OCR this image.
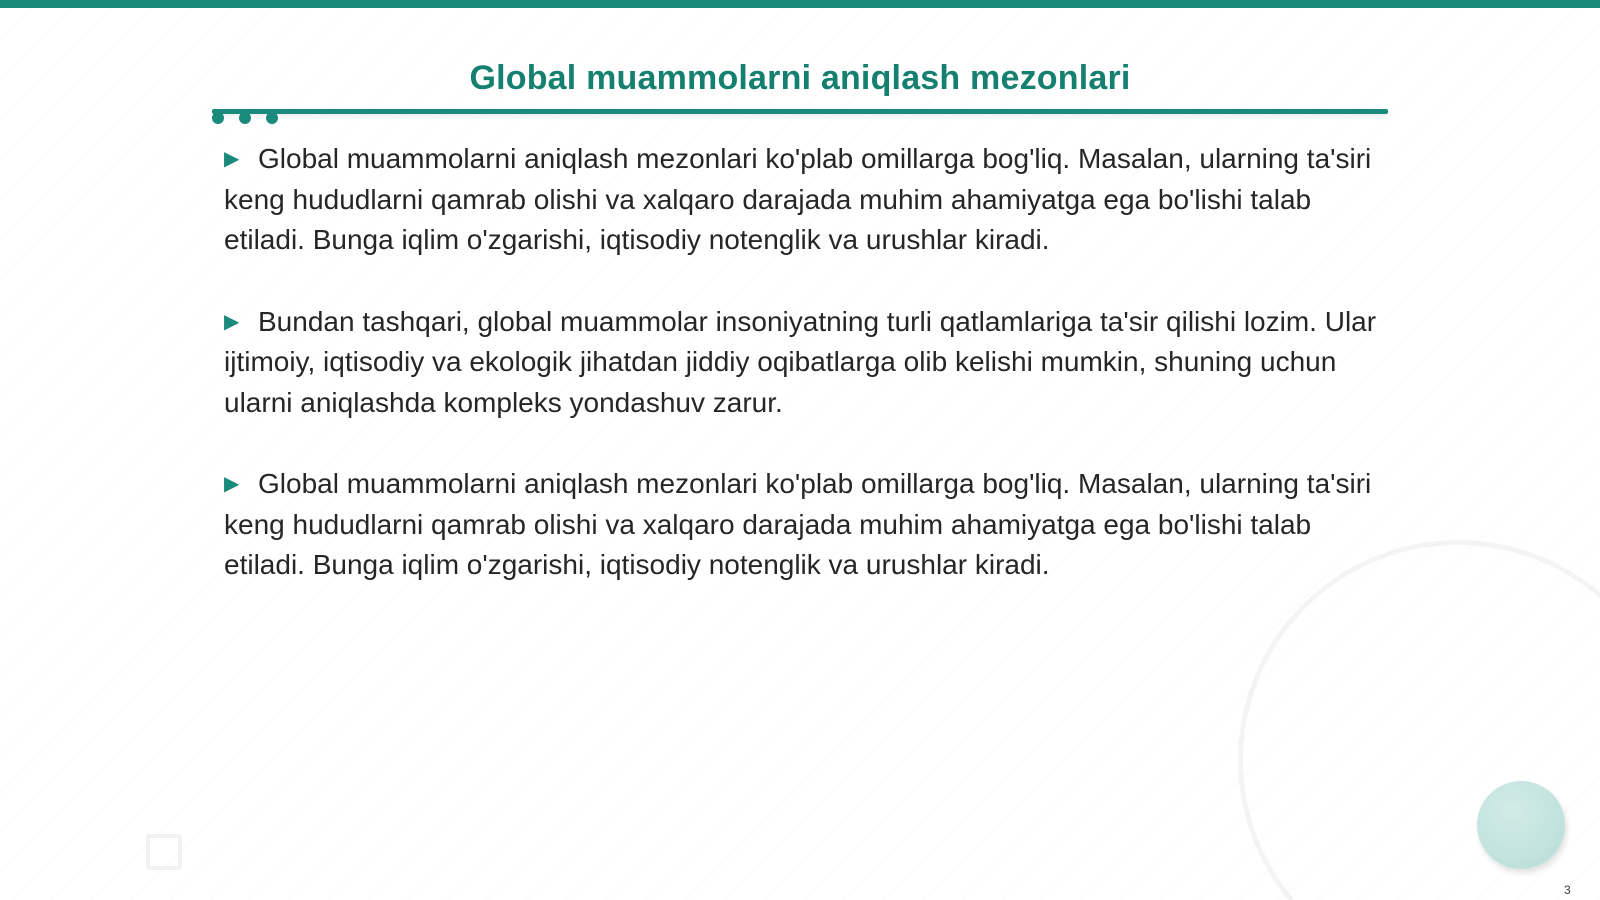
Global muammolarni aniqlash mezonlari

▶ Global muammolarni aniqlash mezonlari ko'plab omillarga bog'liq. Masalan, ularning ta'siri keng hududlarni qamrab olishi va xalqaro darajada muhim ahamiyatga ega bo'lishi talab etiladi. Bunga iqlim o'zgarishi, iqtisodiy notenglik va urushlar kiradi.

▶ Bundan tashqari, global muammolar insoniyatning turli qatlamlariga ta'sir qilishi lozim. Ular ijtimoiy, iqtisodiy va ekologik jihatdan jiddiy oqibatlarga olib kelishi mumkin, shuning uchun ularni aniqlashda kompleks yondashuv zarur.

▶ Global muammolarni aniqlash mezonlari ko'plab omillarga bog'liq. Masalan, ularning ta'siri keng hududlarni qamrab olishi va xalqaro darajada muhim ahamiyatga ega bo'lishi talab etiladi. Bunga iqlim o'zgarishi, iqtisodiy notenglik va urushlar kiradi.

3
